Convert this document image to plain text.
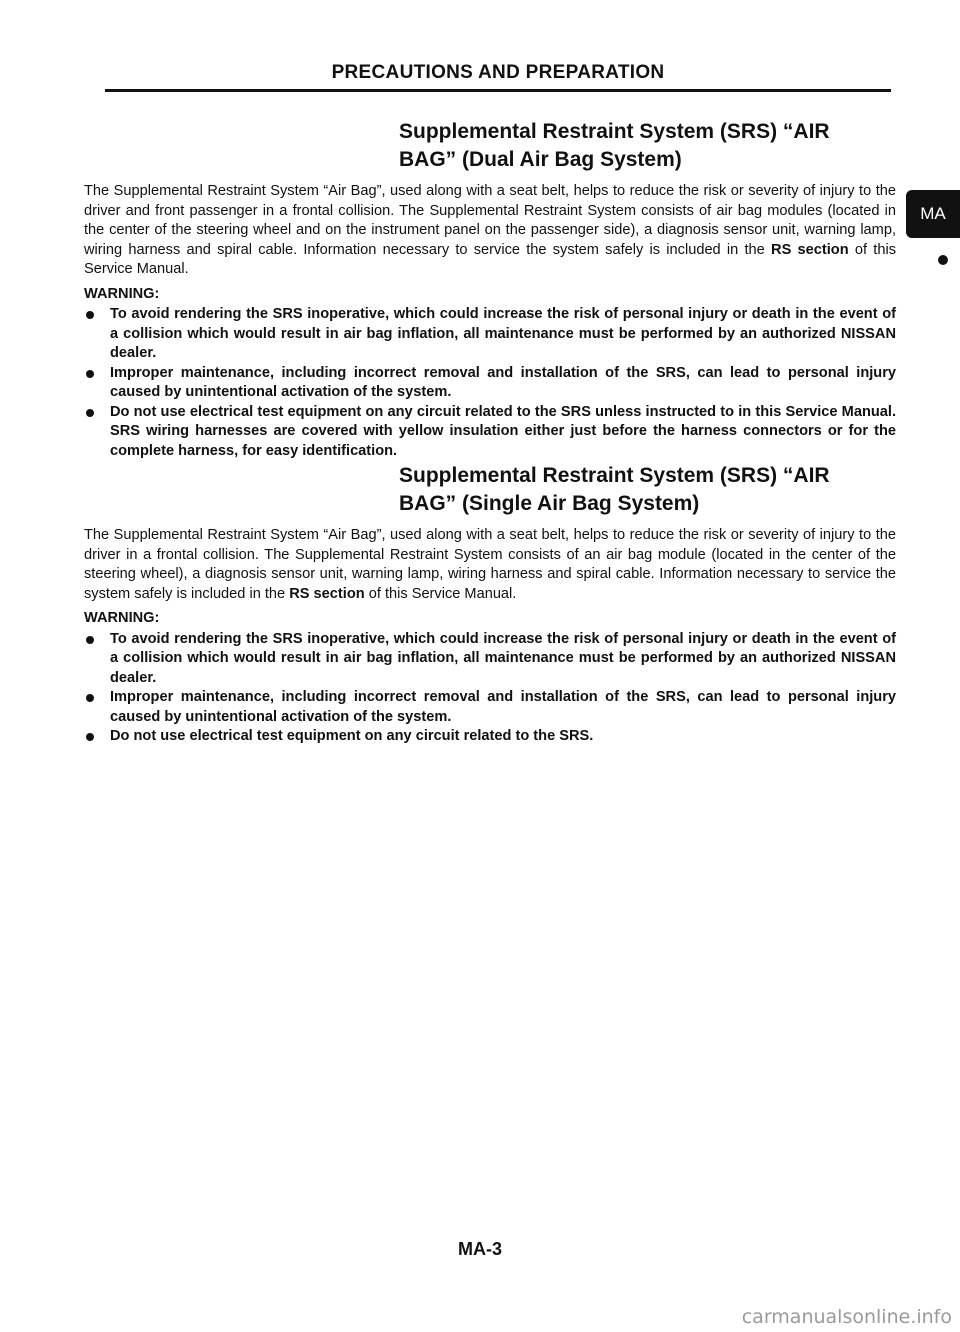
PRECAUTIONS AND PREPARATION
MA
Supplemental Restraint System (SRS) “AIR
BAG” (Dual Air Bag System)

The Supplemental Restraint System “Air Bag”, used along with a seat belt, helps to reduce the risk or severity of injury to the driver and front passenger in a frontal collision. The Supplemental Restraint System consists of air bag modules (located in the center of the steering wheel and on the instrument panel on the passenger side), a diagnosis sensor unit, warning lamp, wiring harness and spiral cable. Information necessary to service the system safely is included in the RS section of this Service Manual.

WARNING:
To avoid rendering the SRS inoperative, which could increase the risk of personal injury or death in the event of a collision which would result in air bag inflation, all maintenance must be performed by an authorized NISSAN dealer.
Improper maintenance, including incorrect removal and installation of the SRS, can lead to personal injury caused by unintentional activation of the system.
Do not use electrical test equipment on any circuit related to the SRS unless instructed to in this Service Manual. SRS wiring harnesses are covered with yellow insulation either just before the harness connectors or for the complete harness, for easy identification.
Supplemental Restraint System (SRS) “AIR
BAG” (Single Air Bag System)

The Supplemental Restraint System “Air Bag”, used along with a seat belt, helps to reduce the risk or severity of injury to the driver in a frontal collision. The Supplemental Restraint System consists of an air bag module (located in the center of the steering wheel), a diagnosis sensor unit, warning lamp, wiring harness and spiral cable. Information necessary to service the system safely is included in the RS section of this Service Manual.

WARNING:
To avoid rendering the SRS inoperative, which could increase the risk of personal injury or death in the event of a collision which would result in air bag inflation, all maintenance must be performed by an authorized NISSAN dealer.
Improper maintenance, including incorrect removal and installation of the SRS, can lead to personal injury caused by unintentional activation of the system.
Do not use electrical test equipment on any circuit related to the SRS.
MA-3
carmanualsonline.info
